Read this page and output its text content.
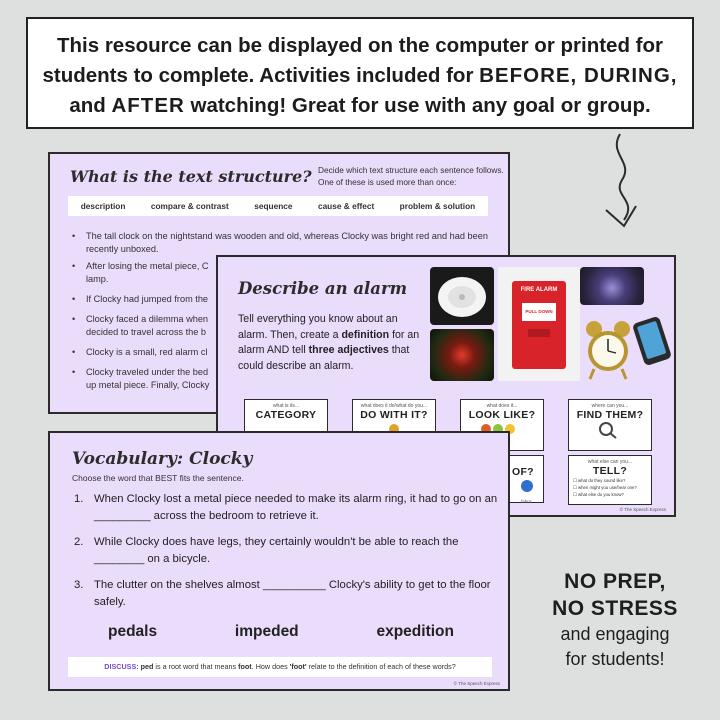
This resource can be displayed on the computer or printed for
students to complete. Activities included for BEFORE, DURING,
and AFTER watching! Great for use with any goal or group.
What is the text structure? Decide which text structure each sentence follows. One of these is used more than once:
description	compare & contrast	sequence	cause & effect	problem & solution
• The tall clock on the nightstand was wooden and old, whereas Clocky was bright red and had been recently unboxed.
• After losing the metal piece, C
lamp.
• If Clocky had jumped from the
• Clocky faced a dilemma when
decided to travel across the b
• Clocky is a small, red alarm cl
• Clocky traveled under the bed
up metal piece. Finally, Clocky
Describe an alarm
Tell everything you know about an alarm. Then, create a definition for an alarm AND tell three adjectives that could describe an alarm.
FIRE ALARM
PULL DOWN
what is its...
CATEGORY
what does it do/what do you...
DO WITH IT?
what does it...
LOOK LIKE?
where can you...
FIND THEM?
OF?
fabric
what else can you...
TELL?
☐ what do they sound like?
☐ when might you use/hear one?
☐ what else do you know?
© The Speech Express
Vocabulary: Clocky
Choose the word that BEST fits the sentence.
1. When Clocky lost a metal piece needed to make its alarm ring, it had to go on an _________ across the bedroom to retrieve it.
2. While Clocky does have legs, they certainly wouldn't be able to reach the ________ on a bicycle.
3. The clutter on the shelves almost __________ Clocky's ability to get to the floor safely.
pedals	impeded	expedition
DISCUSS: ped is a root word that means foot. How does 'foot' relate to the definition of each of these words?
© The Speech Express
NO PREP,
NO STRESS
and engaging
for students!
